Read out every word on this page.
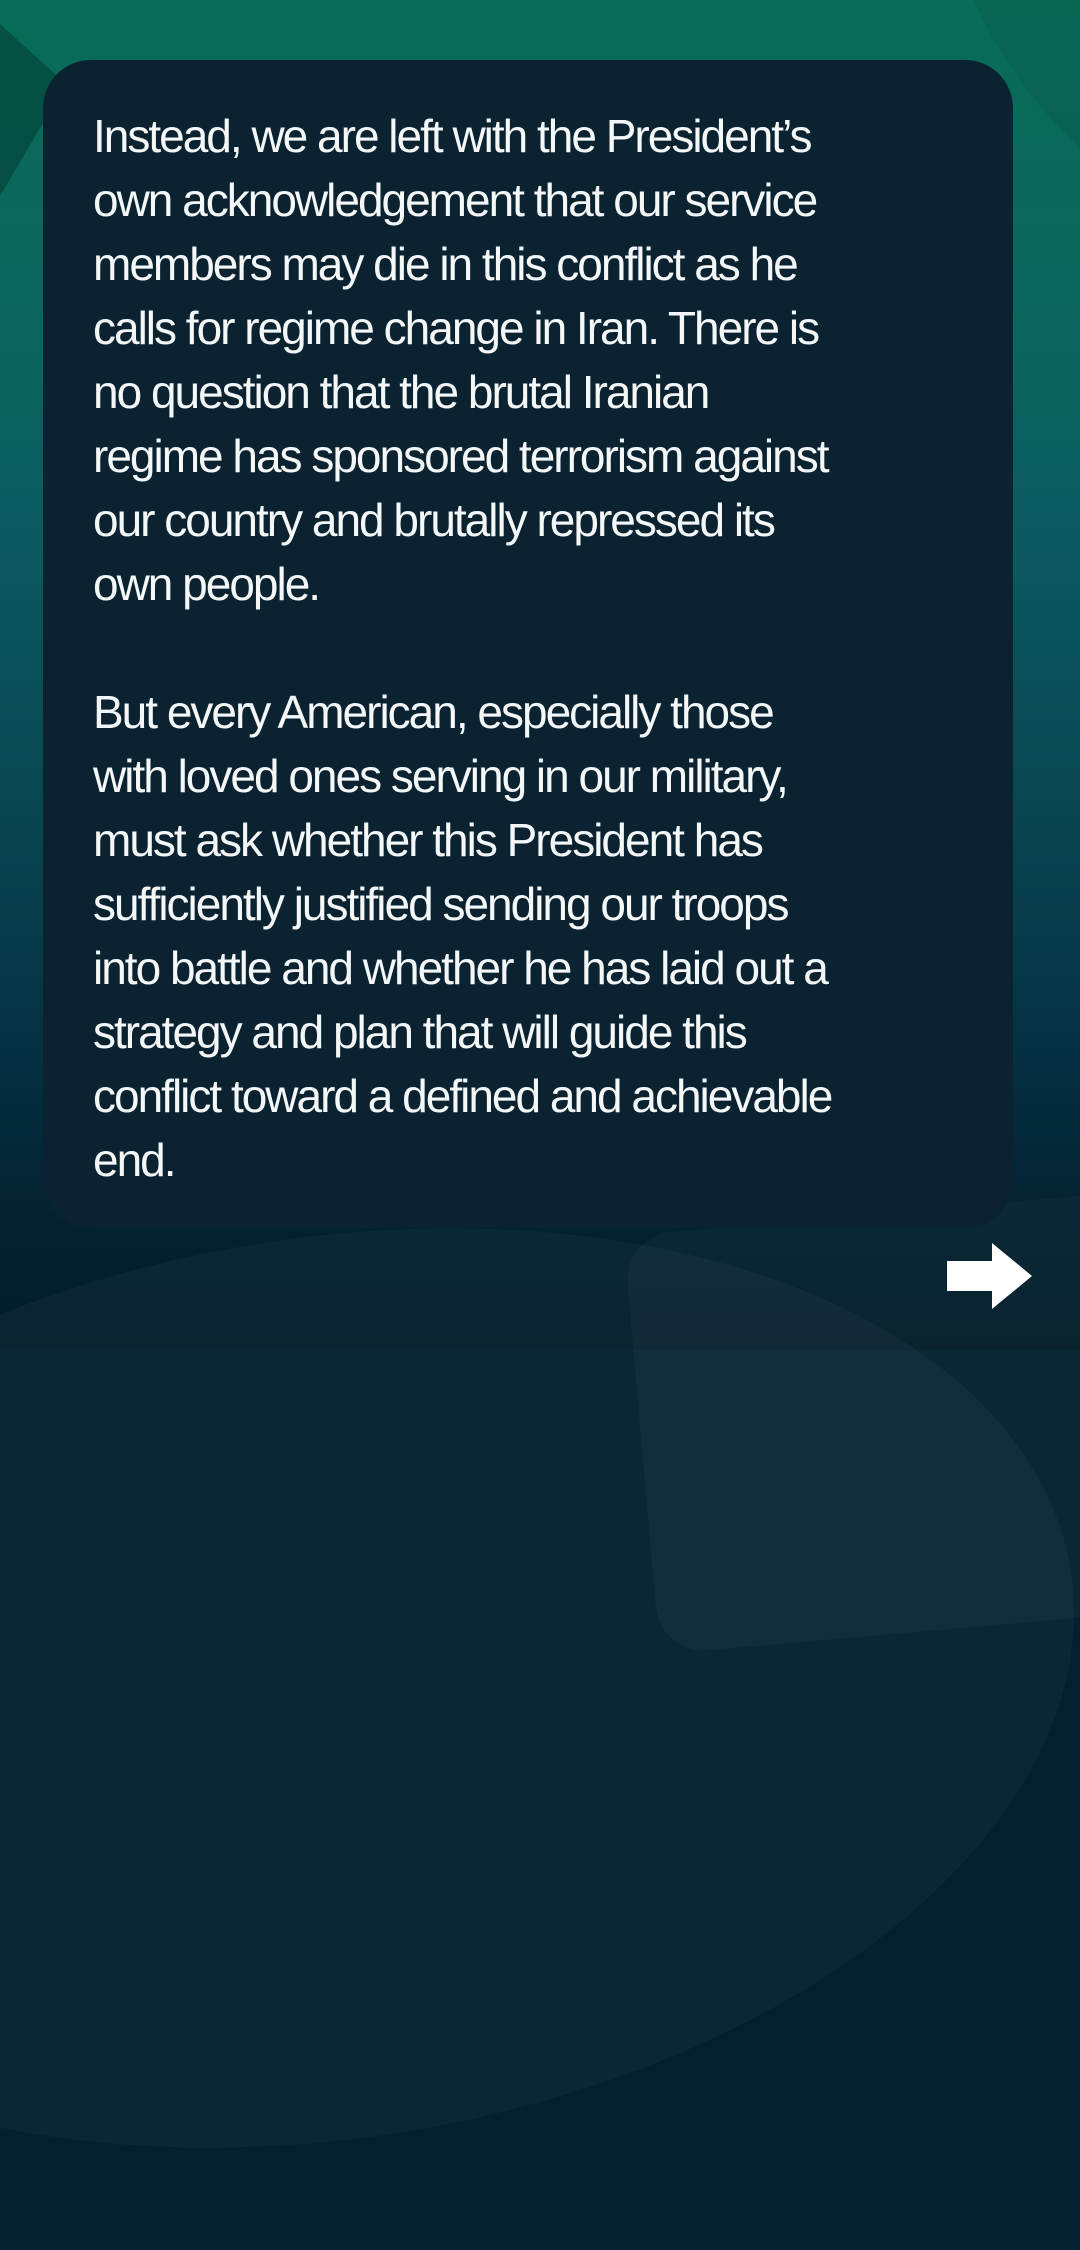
Instead, we are left with the President’s
own acknowledgement that our service
members may die in this conflict as he
calls for regime change in Iran. There is
no question that the brutal Iranian
regime has sponsored terrorism against
our country and brutally repressed its
own people.

But every American, especially those
with loved ones serving in our military,
must ask whether this President has
sufficiently justified sending our troops
into battle and whether he has laid out a
strategy and plan that will guide this
conflict toward a defined and achievable
end.
